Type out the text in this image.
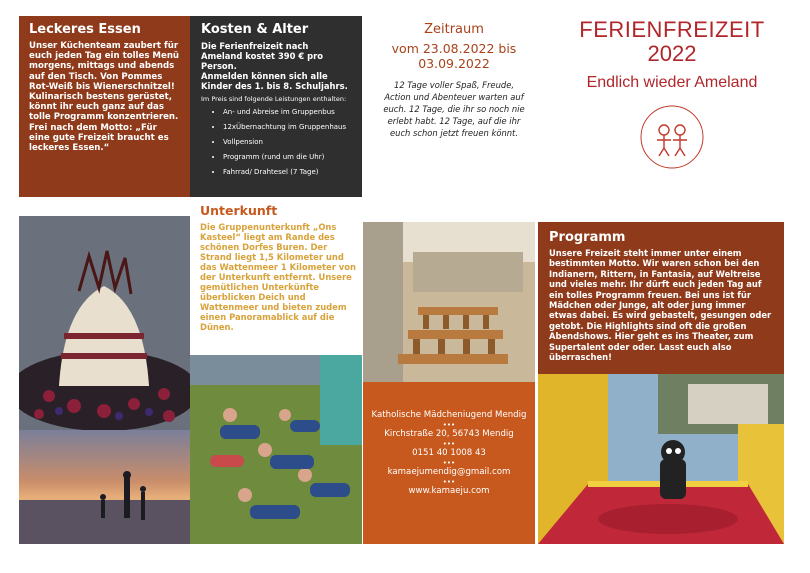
Leckeres Essen
Unser Küchenteam zaubert für euch jeden Tag ein tolles Menü morgens, mittags und abends auf den Tisch. Von Pommes Rot-Weiß bis Wienerschnitzel! Kulinarisch bestens gerüstet, könnt ihr euch ganz auf das tolle Programm konzentrieren. Frei nach dem Motto: „Für eine gute Freizeit braucht es leckeres Essen.“
Kosten & Alter
Die Ferienfreizeit nach Ameland kostet 390 € pro Person.
Anmelden können sich alle Kinder des 1. bis 8. Schuljahrs.
Im Preis sind folgende Leistungen enthalten:
• An- und Abreise im Gruppenbus
• 12xÜbernachtung im Gruppenhaus
• Vollpension
• Programm (rund um die Uhr)
• Fahrrad/ Drahtesel (7 Tage)
Zeitraum
vom 23.08.2022 bis 03.09.2022
12 Tage voller Spaß, Freude, Action und Abenteuer warten auf euch. 12 Tage, die ihr so noch nie erlebt habt. 12 Tage, auf die ihr euch schon jetzt freuen könnt.
FERIENFREIZEIT
2022
Endlich wieder Ameland
Unterkunft
Die Gruppenunterkunft „Ons Kasteel“ liegt am Rande des schönen Dorfes Buren. Der Strand liegt 1,5 Kilometer und das Wattenmeer 1 Kilometer von der Unterkunft entfernt. Unsere gemütlichen Unterkünfte überblicken Deich und Wattenmeer und bieten zudem einen Panoramablick auf die Dünen.
Katholische Mädcheniugend Mendig
•••
Kirchstraße 20, 56743 Mendig
•••
0151 40 1008 43
•••
kamaejumendig@gmail.com
•••
www.kamaeju.com
Programm
Unsere Freizeit steht immer unter einem bestimmten Motto. Wir waren schon bei den Indianern, Rittern, in Fantasia, auf Weltreise und vieles mehr. Ihr dürft euch jeden Tag auf ein tolles Programm freuen. Bei uns ist für Mädchen oder Junge, alt oder jung immer etwas dabei. Es wird gebastelt, gesungen oder getobt. Die Highlights sind oft die großen Abendshows. Hier geht es ins Theater, zum Supertalent oder oder. Lasst euch also überraschen!
